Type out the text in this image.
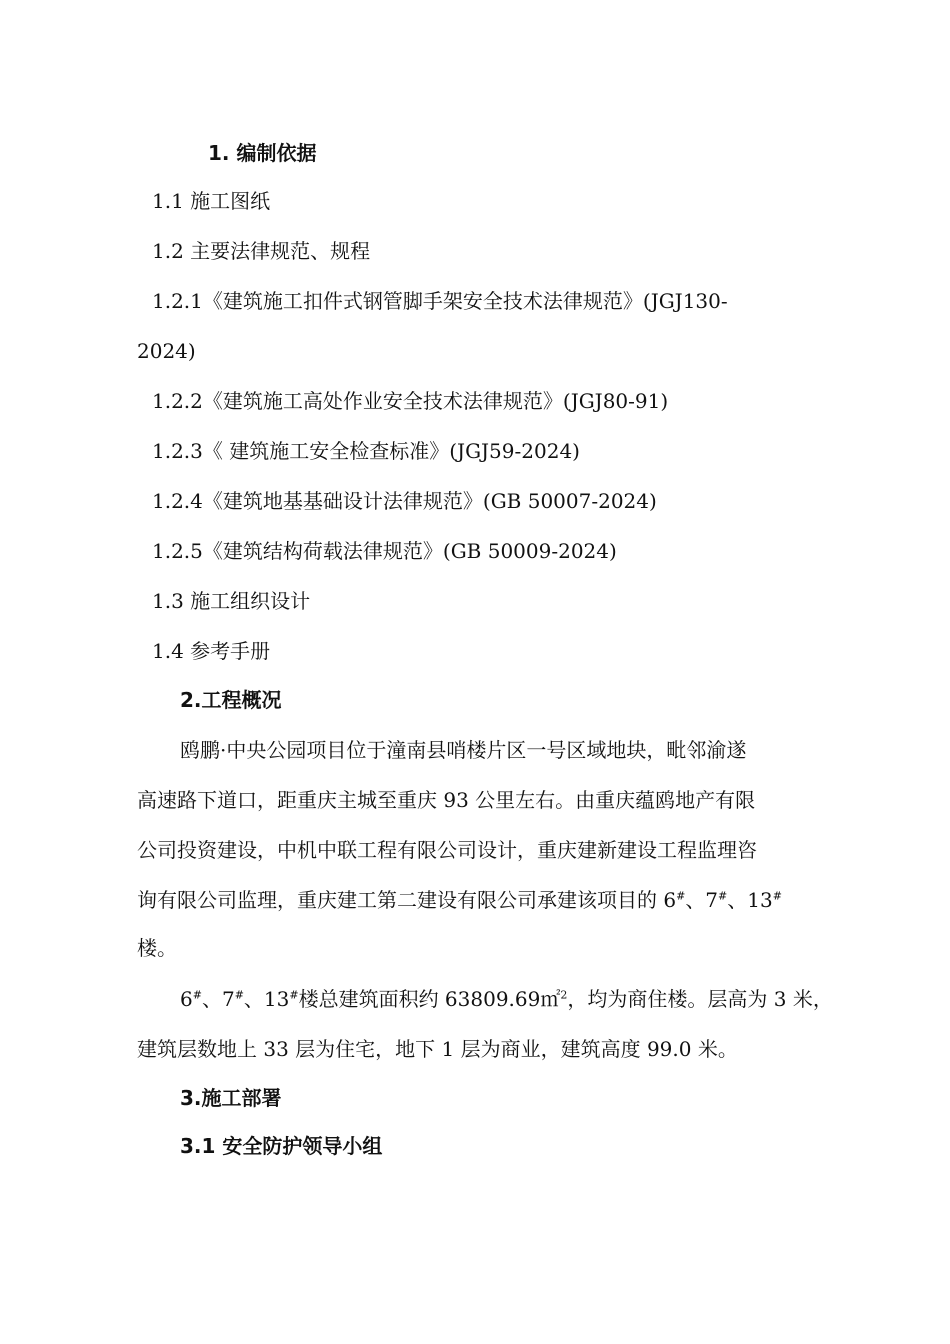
1. 编制依据
1.1 施工图纸
1.2 主要法律规范、规程
1.2.1《建筑施工扣件式钢管脚手架安全技术法律规范》(JGJ130-
2024)
1.2.2《建筑施工高处作业安全技术法律规范》(JGJ80-91)
1.2.3《 建筑施工安全检查标准》(JGJ59-2024)
1.2.4《建筑地基基础设计法律规范》(GB 50007-2024)
1.2.5《建筑结构荷载法律规范》(GB 50009-2024)
1.3 施工组织设计
1.4 参考手册
2.工程概况
鸥鹏·中央公园项目位于潼南县哨楼片区一号区域地块，毗邻渝遂
高速路下道口，距重庆主城至重庆 93 公里左右。由重庆蕴鸥地产有限
公司投资建设，中机中联工程有限公司设计，重庆建新建设工程监理咨
询有限公司监理，重庆建工第二建设有限公司承建该项目的 6#、7#、13#
楼。
6#、7#、13#楼总建筑面积约 63809.69㎡$^2$，均为商住楼。层高为 3 米，
建筑层数地上 33 层为住宅，地下 1 层为商业，建筑高度 99.0 米。
3.施工部署
3.1 安全防护领导小组
